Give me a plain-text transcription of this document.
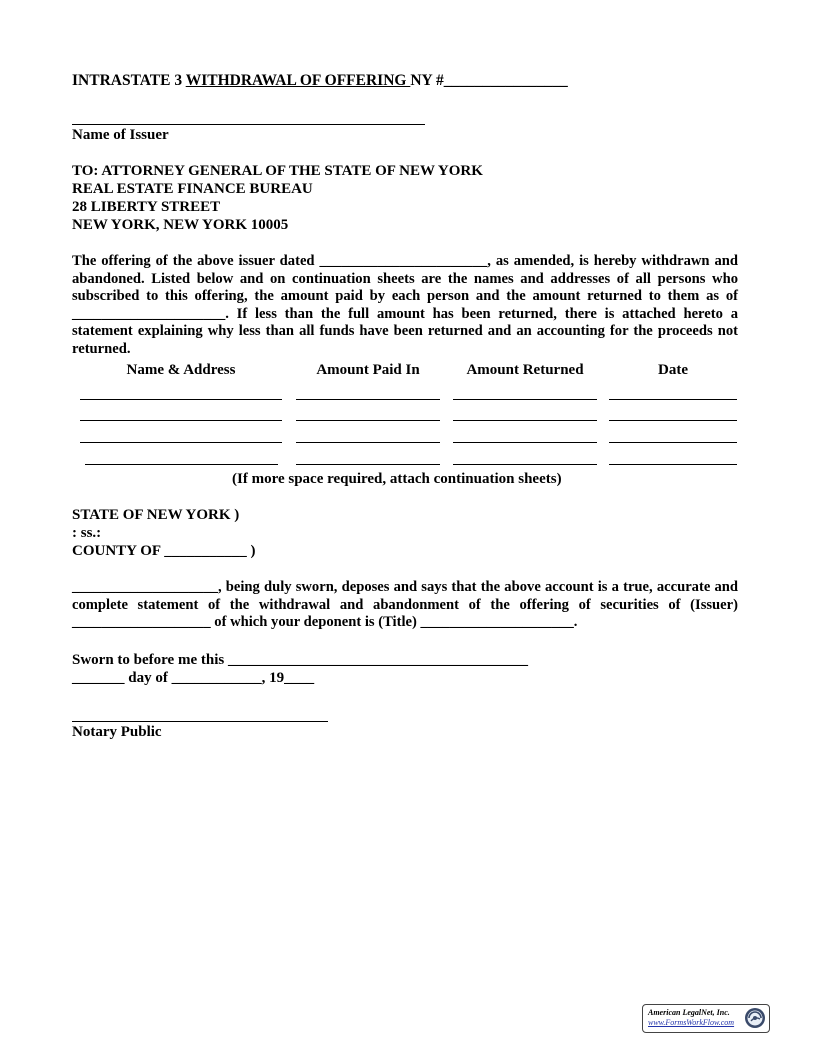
INTRASTATE 3 WITHDRAWAL OF OFFERING NY #________________
Name of Issuer
TO: ATTORNEY GENERAL OF THE STATE OF NEW YORK
REAL ESTATE FINANCE BUREAU
28 LIBERTY STREET
NEW YORK, NEW YORK 10005
The offering of the above issuer dated _______________________, as amended, is hereby withdrawn and abandoned. Listed below and on continuation sheets are the names and addresses of all persons who subscribed to this offering, the amount paid by each person and the amount returned to them as of _____________________. If less than the full amount has been returned, there is attached hereto a statement explaining why less than all funds have been returned and an accounting for the proceeds not returned.
Name & Address	Amount Paid In	Amount Returned	Date
(If more space required, attach continuation sheets)
STATE OF NEW YORK )
: ss.:
COUNTY OF ___________ )
____________________, being duly sworn, deposes and says that the above account is a true, accurate and complete statement of the withdrawal and abandonment of the offering of securities of (Issuer) ___________________ of which your deponent is (Title) _____________________.
Sworn to before me this ________________________________________
_______ day of ____________, 19____
Notary Public
American LegalNet, Inc.
www.FormsWorkFlow.com
